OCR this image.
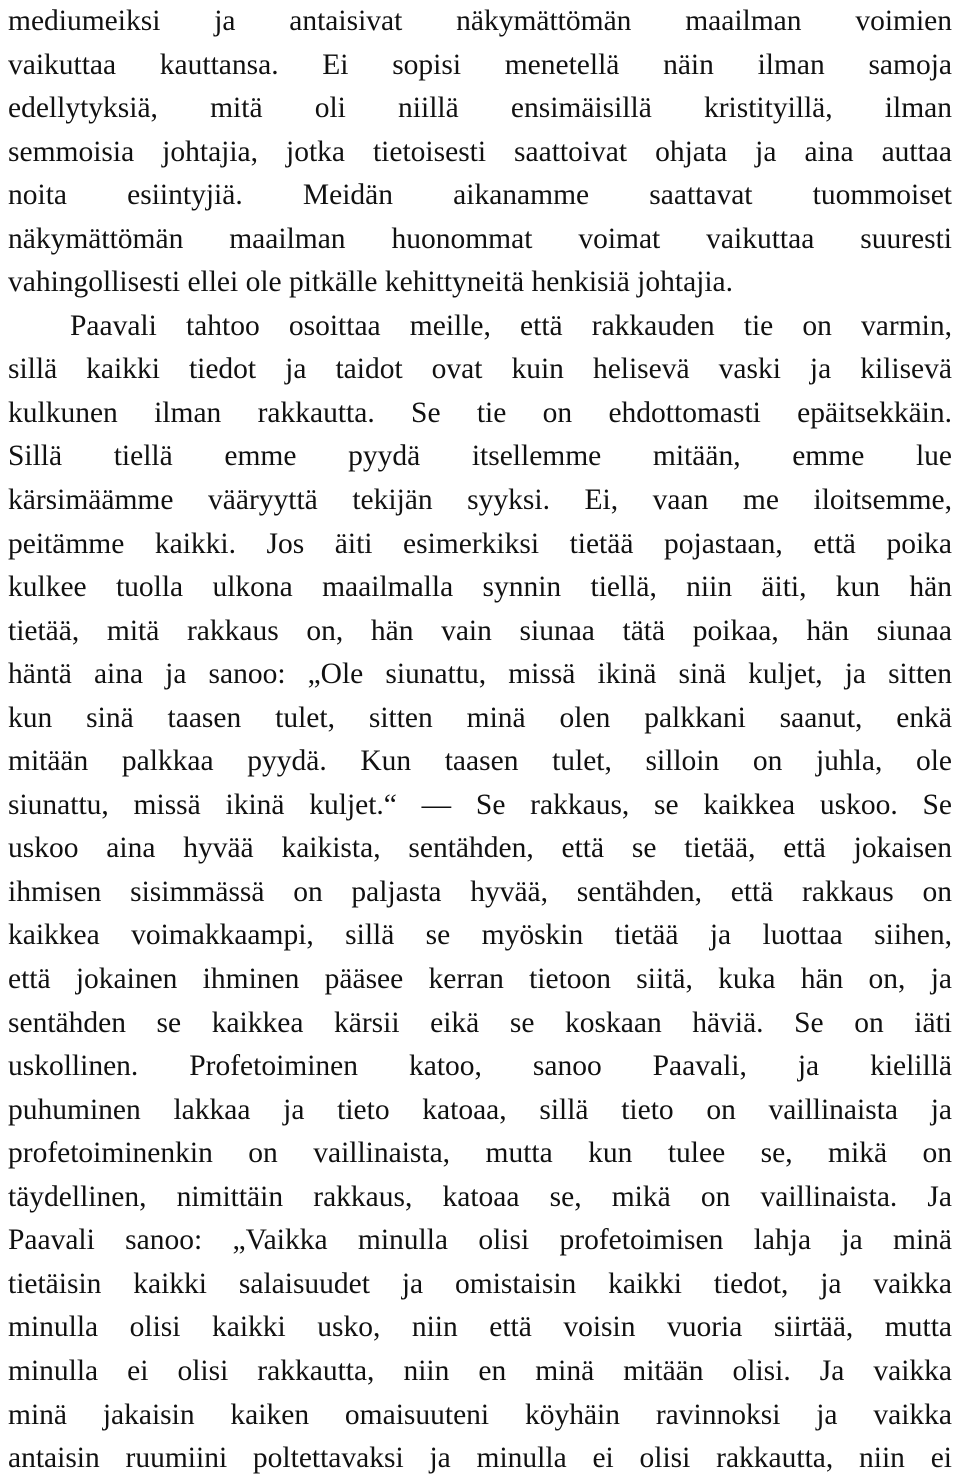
mediumeiksi ja antaisivat näkymättömän maailman voimien
vaikuttaa kauttansa. Ei sopisi menetellä näin ilman samoja
edellytyksiä, mitä oli niillä ensimäisillä kristityillä, ilman
semmoisia johtajia, jotka tietoisesti saattoivat ohjata ja aina auttaa
noita esiintyjiä. Meidän aikanamme saattavat tuommoiset
näkymättömän maailman huonommat voimat vaikuttaa suuresti
vahingollisesti ellei ole pitkälle kehittyneitä henkisiä johtajia.
Paavali tahtoo osoittaa meille, että rakkauden tie on varmin,
sillä kaikki tiedot ja taidot ovat kuin helisevä vaski ja kilisevä
kulkunen ilman rakkautta. Se tie on ehdottomasti epäitsekkäin.
Sillä tiellä emme pyydä itsellemme mitään, emme lue
kärsimäämme vääryyttä tekijän syyksi. Ei, vaan me iloitsemme,
peitämme kaikki. Jos äiti esimerkiksi tietää pojastaan, että poika
kulkee tuolla ulkona maailmalla synnin tiellä, niin äiti, kun hän
tietää, mitä rakkaus on, hän vain siunaa tätä poikaa, hän siunaa
häntä aina ja sanoo: „Ole siunattu, missä ikinä sinä kuljet, ja sitten
kun sinä taasen tulet, sitten minä olen palkkani saanut, enkä
mitään palkkaa pyydä. Kun taasen tulet, silloin on juhla, ole
siunattu, missä ikinä kuljet.“ — Se rakkaus, se kaikkea uskoo. Se
uskoo aina hyvää kaikista, sentähden, että se tietää, että jokaisen
ihmisen sisimmässä on paljasta hyvää, sentähden, että rakkaus on
kaikkea voimakkaampi, sillä se myöskin tietää ja luottaa siihen,
että jokainen ihminen pääsee kerran tietoon siitä, kuka hän on, ja
sentähden se kaikkea kärsii eikä se koskaan häviä. Se on iäti
uskollinen. Profetoiminen katoo, sanoo Paavali, ja kielillä
puhuminen lakkaa ja tieto katoaa, sillä tieto on vaillinaista ja
profetoiminenkin on vaillinaista, mutta kun tulee se, mikä on
täydellinen, nimittäin rakkaus, katoaa se, mikä on vaillinaista. Ja
Paavali sanoo: „Vaikka minulla olisi profetoimisen lahja ja minä
tietäisin kaikki salaisuudet ja omistaisin kaikki tiedot, ja vaikka
minulla olisi kaikki usko, niin että voisin vuoria siirtää, mutta
minulla ei olisi rakkautta, niin en minä mitään olisi. Ja vaikka
minä jakaisin kaiken omaisuuteni köyhäin ravinnoksi ja vaikka
antaisin ruumiini poltettavaksi ja minulla ei olisi rakkautta, niin ei
